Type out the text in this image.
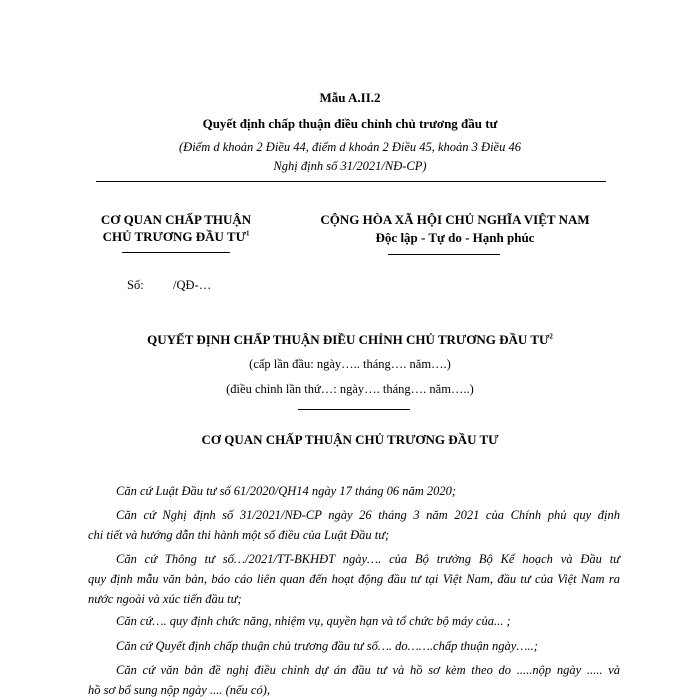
Mẫu A.II.2
Quyết định chấp thuận điều chỉnh chủ trương đầu tư
(Điểm d khoản 2 Điều 44, điểm d khoản 2 Điều 45, khoản 3 Điều 46
Nghị định số 31/2021/NĐ-CP)
CƠ QUAN CHẤP THUẬN
CHỦ TRƯƠNG ĐẦU $TƯ^1$
CỘNG HÒA XÃ HỘI CHỦ NGHĨA VIỆT NAM
Độc lập - Tự do - Hạnh phúc
Số: /QĐ-…
QUYẾT ĐỊNH CHẤP THUẬN ĐIỀU CHỈNH CHỦ TRƯƠNG ĐẦU $TƯ^2$
(cấp lần đầu: ngày….. tháng…. năm….)
(điều chỉnh lần thứ…: ngày…. tháng…. năm…..)
CƠ QUAN CHẤP THUẬN CHỦ TRƯƠNG ĐẦU TƯ
Căn cứ Luật Đầu tư số 61/2020/QH14 ngày 17 tháng 06 năm 2020;
Căn cứ Nghị định số 31/2021/NĐ-CP ngày 26 tháng 3 năm 2021 của Chính phủ quy định
chi tiết và hướng dẫn thi hành một số điều của Luật Đầu tư;
Căn cứ Thông tư số…/2021/TT-BKHĐT ngày…. của Bộ trưởng Bộ Kế hoạch và Đầu tư
quy định mẫu văn bản, báo cáo liên quan đến hoạt động đầu tư tại Việt Nam, đầu tư của Việt Nam ra nước ngoài và xúc tiến đầu tư;
Căn cứ…. quy định chức năng, nhiệm vụ, quyền hạn và tổ chức bộ máy của... ;
Căn cứ Quyết định chấp thuận chủ trương đầu tư số…. do…….chấp thuận ngày…..;
Căn cứ văn bản đề nghị điều chỉnh dự án đầu tư và hồ sơ kèm theo do .....nộp ngày ..... và
hồ sơ bổ sung nộp ngày .... (nếu có),
